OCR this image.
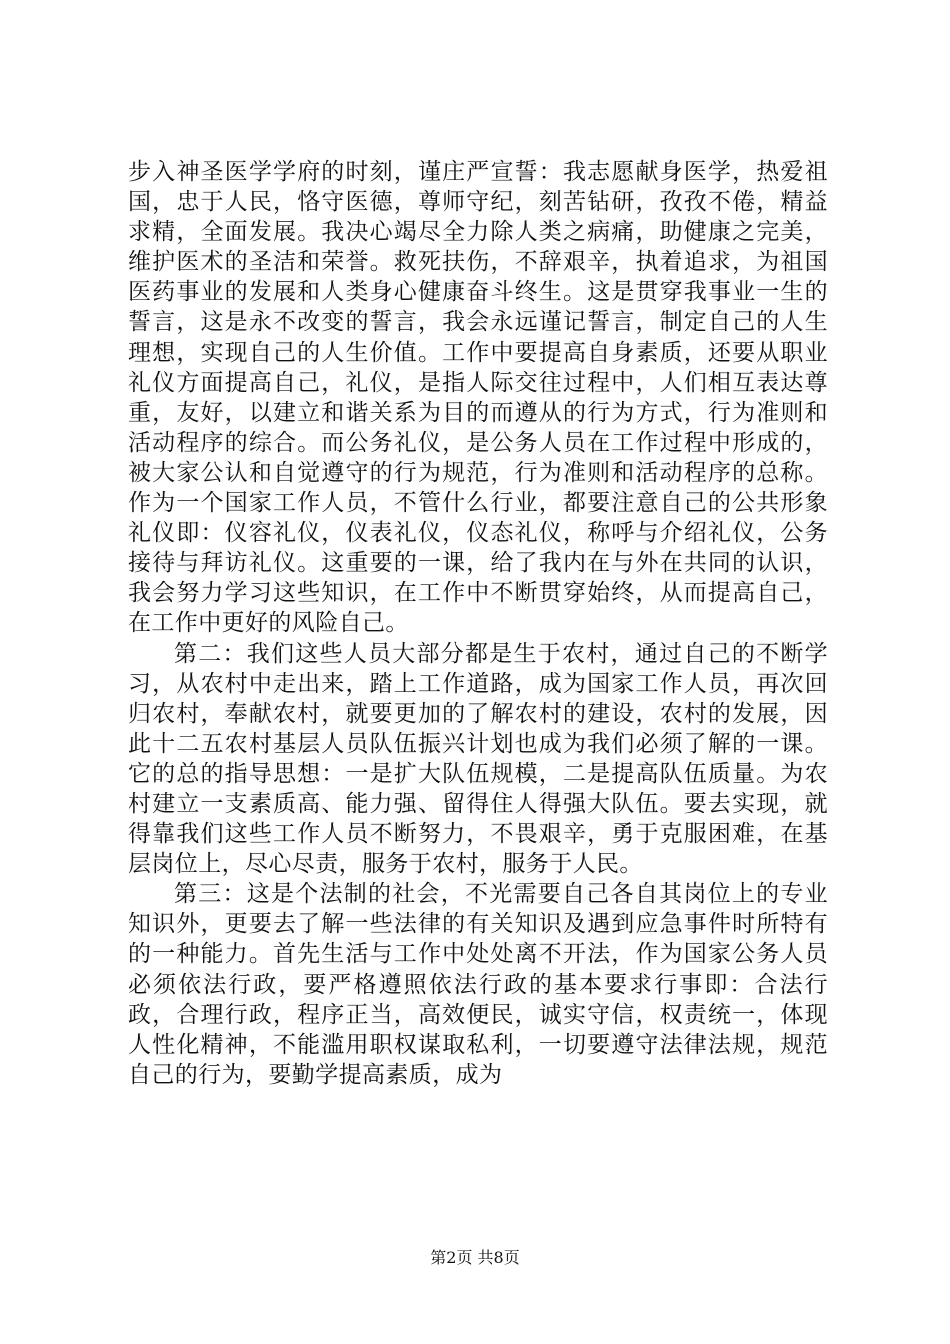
步入神圣医学学府的时刻，谨庄严宣誓：我志愿献身医学，热爱祖国，忠于人民，恪守医德，尊师守纪，刻苦钻研，孜孜不倦，精益求精，全面发展。我决心竭尽全力除人类之病痛，助健康之完美，维护医术的圣洁和荣誉。救死扶伤，不辞艰辛，执着追求，为祖国医药事业的发展和人类身心健康奋斗终生。这是贯穿我事业一生的誓言，这是永不改变的誓言，我会永远谨记誓言，制定自己的人生理想，实现自己的人生价值。工作中要提高自身素质，还要从职业礼仪方面提高自己，礼仪，是指人际交往过程中，人们相互表达尊重，友好，以建立和谐关系为目的而遵从的行为方式，行为准则和活动程序的综合。而公务礼仪，是公务人员在工作过程中形成的，被大家公认和自觉遵守的行为规范，行为准则和活动程序的总称。作为一个国家工作人员，不管什么行业，都要注意自己的公共形象礼仪即：仪容礼仪，仪表礼仪，仪态礼仪，称呼与介绍礼仪，公务接待与拜访礼仪。这重要的一课，给了我内在与外在共同的认识，我会努力学习这些知识，在工作中不断贯穿始终，从而提高自己，在工作中更好的风险自己。

第二：我们这些人员大部分都是生于农村，通过自己的不断学习，从农村中走出来，踏上工作道路，成为国家工作人员，再次回归农村，奉献农村，就要更加的了解农村的建设，农村的发展，因此十二五农村基层人员队伍振兴计划也成为我们必须了解的一课。它的总的指导思想：一是扩大队伍规模，二是提高队伍质量。为农村建立一支素质高、能力强、留得住人得强大队伍。要去实现，就得靠我们这些工作人员不断努力，不畏艰辛，勇于克服困难，在基层岗位上，尽心尽责，服务于农村，服务于人民。

第三：这是个法制的社会，不光需要自己各自其岗位上的专业知识外，更要去了解一些法律的有关知识及遇到应急事件时所特有的一种能力。首先生活与工作中处处离不开法，作为国家公务人员必须依法行政，要严格遵照依法行政的基本要求行事即：合法行政，合理行政，程序正当，高效便民，诚实守信，权责统一，体现人性化精神，不能滥用职权谋取私利，一切要遵守法律法规，规范自己的行为，要勤学提高素质，成为

第2页 共8页
